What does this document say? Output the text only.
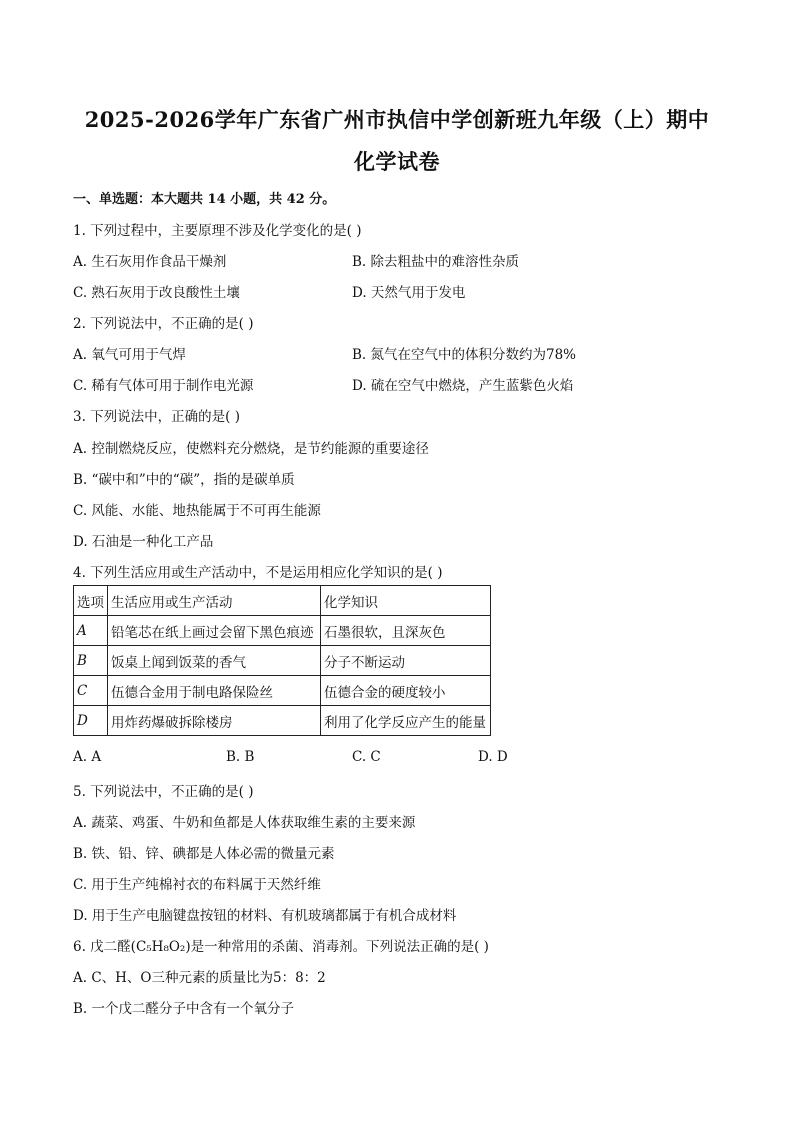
2025-2026学年广东省广州市执信中学创新班九年级（上）期中
化学试卷
一、单选题：本大题共 14 小题，共 42 分。
1. 下列过程中，主要原理不涉及化学变化的是( )
A. 生石灰用作食品干燥剂	B. 除去粗盐中的难溶性杂质
C. 熟石灰用于改良酸性土壤	D. 天然气用于发电
2. 下列说法中，不正确的是( )
A. 氧气可用于气焊	B. 氮气在空气中的体积分数约为78%
C. 稀有气体可用于制作电光源	D. 硫在空气中燃烧，产生蓝紫色火焰
3. 下列说法中，正确的是( )
A. 控制燃烧反应，使燃料充分燃烧，是节约能源的重要途径
B. “碳中和”中的“碳”，指的是碳单质
C. 风能、水能、地热能属于不可再生能源
D. 石油是一种化工产品
4. 下列生活应用或生产活动中，不是运用相应化学知识的是( )
选项	生活应用或生产活动	化学知识
A	铅笔芯在纸上画过会留下黑色痕迹	石墨很软，且深灰色
B	饭桌上闻到饭菜的香气	分子不断运动
C	伍德合金用于制电路保险丝	伍德合金的硬度较小
D	用炸药爆破拆除楼房	利用了化学反应产生的能量
A. A	B. B	C. C	D. D
5. 下列说法中，不正确的是( )
A. 蔬菜、鸡蛋、牛奶和鱼都是人体获取维生素的主要来源
B. 铁、铅、锌、碘都是人体必需的微量元素
C. 用于生产纯棉衬衣的布料属于天然纤维
D. 用于生产电脑键盘按钮的材料、有机玻璃都属于有机合成材料
6. 戊二醛(C₅H₈O₂)是一种常用的杀菌、消毒剂。下列说法正确的是( )
A. C、H、O三种元素的质量比为5：8：2
B. 一个戊二醛分子中含有一个氧分子
